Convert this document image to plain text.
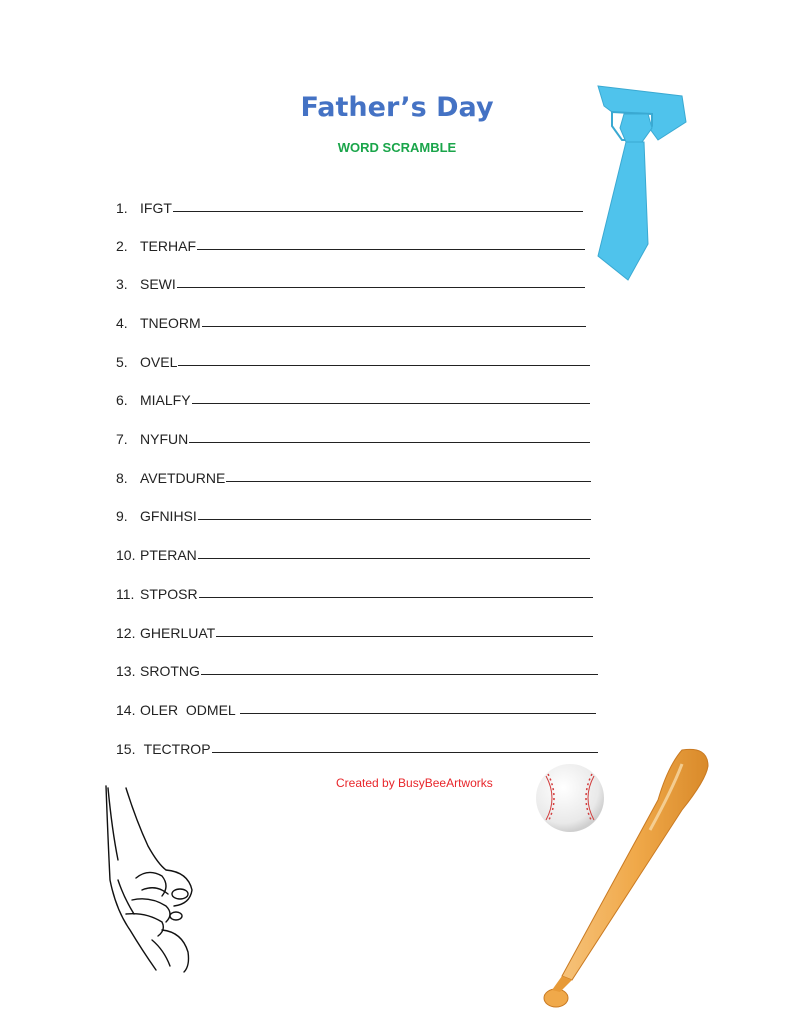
Father’s Day
WORD SCRAMBLE
1. IFGT
2. TERHAF
3. SEWI
4. TNEORM
5. OVEL
6. MIALFY
7. NYFUN
8. AVETDURNE
9. GFNIHSI
10. PTERAN
11. STPOSR
12. GHERLUAT
13. SROTNG
14. OLER  ODMEL
15. TECTROP
Created by BusyBeeArtworks
